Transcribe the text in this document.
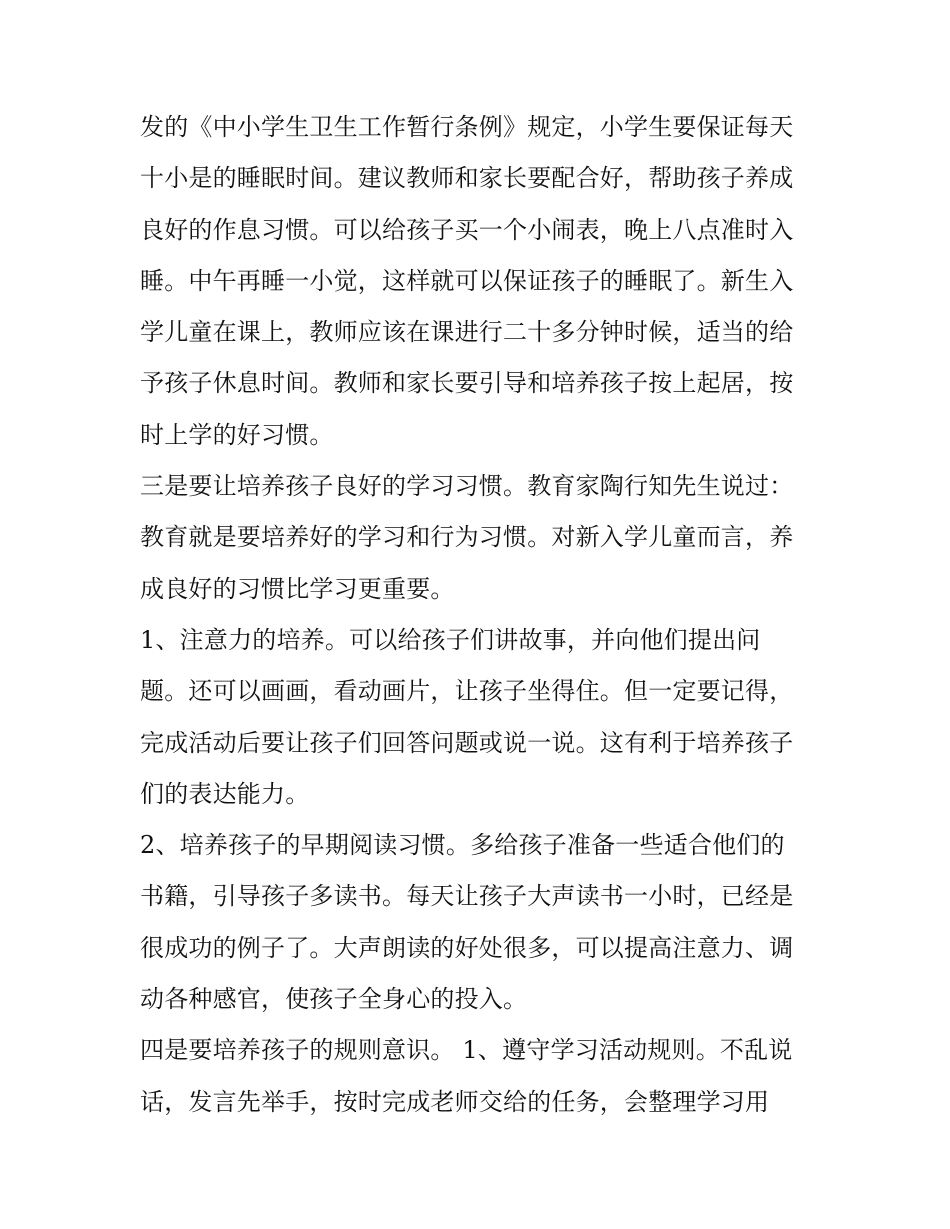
发的《中小学生卫生工作暂行条例》规定，小学生要保证每天
十小是的睡眠时间。建议教师和家长要配合好，帮助孩子养成
良好的作息习惯。可以给孩子买一个小闹表，晚上八点准时入
睡。中午再睡一小觉，这样就可以保证孩子的睡眠了。新生入
学儿童在课上，教师应该在课进行二十多分钟时候，适当的给
予孩子休息时间。教师和家长要引导和培养孩子按上起居，按
时上学的好习惯。
三是要让培养孩子良好的学习习惯。教育家陶行知先生说过：
教育就是要培养好的学习和行为习惯。对新入学儿童而言，养
成良好的习惯比学习更重要。
1、注意力的培养。可以给孩子们讲故事，并向他们提出问
题。还可以画画，看动画片，让孩子坐得住。但一定要记得，
完成活动后要让孩子们回答问题或说一说。这有利于培养孩子
们的表达能力。
2、培养孩子的早期阅读习惯。多给孩子准备一些适合他们的
书籍，引导孩子多读书。每天让孩子大声读书一小时，已经是
很成功的例子了。大声朗读的好处很多，可以提高注意力、调
动各种感官，使孩子全身心的投入。
四是要培养孩子的规则意识。 1、遵守学习活动规则。不乱说
话，发言先举手，按时完成老师交给的任务，会整理学习用
